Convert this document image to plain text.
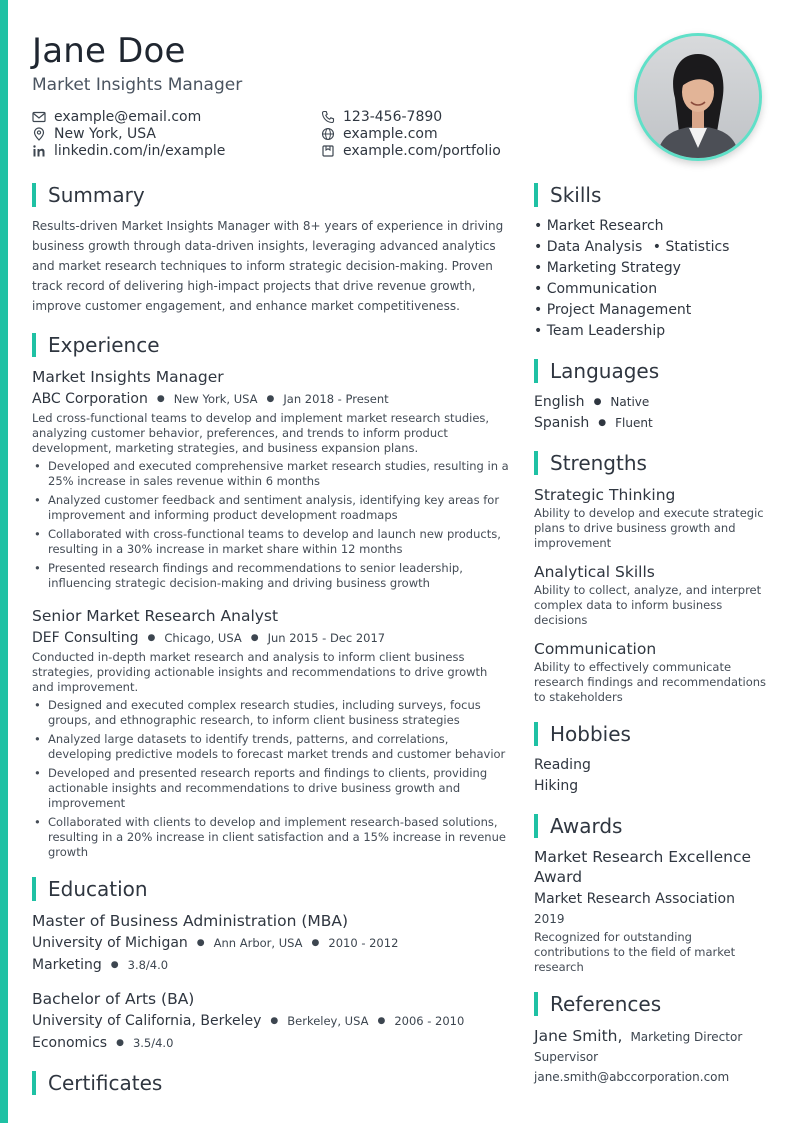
Jane Doe
Market Insights Manager
example@email.com	123-456-7890
New York, USA	example.com
linkedin.com/in/example	example.com/portfolio
Summary
Results-driven Market Insights Manager with 8+ years of experience in driving business growth through data-driven insights, leveraging advanced analytics and market research techniques to inform strategic decision-making. Proven track record of delivering high-impact projects that drive revenue growth, improve customer engagement, and enhance market competitiveness.
Experience
Market Insights Manager
ABC Corporation ● New York, USA ● Jan 2018 - Present
Led cross-functional teams to develop and implement market research studies, analyzing customer behavior, preferences, and trends to inform product development, marketing strategies, and business expansion plans.
• Developed and executed comprehensive market research studies, resulting in a 25% increase in sales revenue within 6 months
• Analyzed customer feedback and sentiment analysis, identifying key areas for improvement and informing product development roadmaps
• Collaborated with cross-functional teams to develop and launch new products, resulting in a 30% increase in market share within 12 months
• Presented research findings and recommendations to senior leadership, influencing strategic decision-making and driving business growth
Senior Market Research Analyst
DEF Consulting ● Chicago, USA ● Jun 2015 - Dec 2017
Conducted in-depth market research and analysis to inform client business strategies, providing actionable insights and recommendations to drive growth and improvement.
• Designed and executed complex research studies, including surveys, focus groups, and ethnographic research, to inform client business strategies
• Analyzed large datasets to identify trends, patterns, and correlations, developing predictive models to forecast market trends and customer behavior
• Developed and presented research reports and findings to clients, providing actionable insights and recommendations to drive business growth and improvement
• Collaborated with clients to develop and implement research-based solutions, resulting in a 20% increase in client satisfaction and a 15% increase in revenue growth
Education
Master of Business Administration (MBA)
University of Michigan ● Ann Arbor, USA ● 2010 - 2012
Marketing ● 3.8/4.0
Bachelor of Arts (BA)
University of California, Berkeley ● Berkeley, USA ● 2006 - 2010
Economics ● 3.5/4.0
Certificates
Skills
• Market Research
• Data Analysis • Statistics
• Marketing Strategy
• Communication
• Project Management
• Team Leadership
Languages
English ● Native
Spanish ● Fluent
Strengths
Strategic Thinking
Ability to develop and execute strategic plans to drive business growth and improvement
Analytical Skills
Ability to collect, analyze, and interpret complex data to inform business decisions
Communication
Ability to effectively communicate research findings and recommendations to stakeholders
Hobbies
Reading
Hiking
Awards
Market Research Excellence Award
Market Research Association
2019
Recognized for outstanding contributions to the field of market research
References
Jane Smith, Marketing Director
Supervisor
jane.smith@abccorporation.com
